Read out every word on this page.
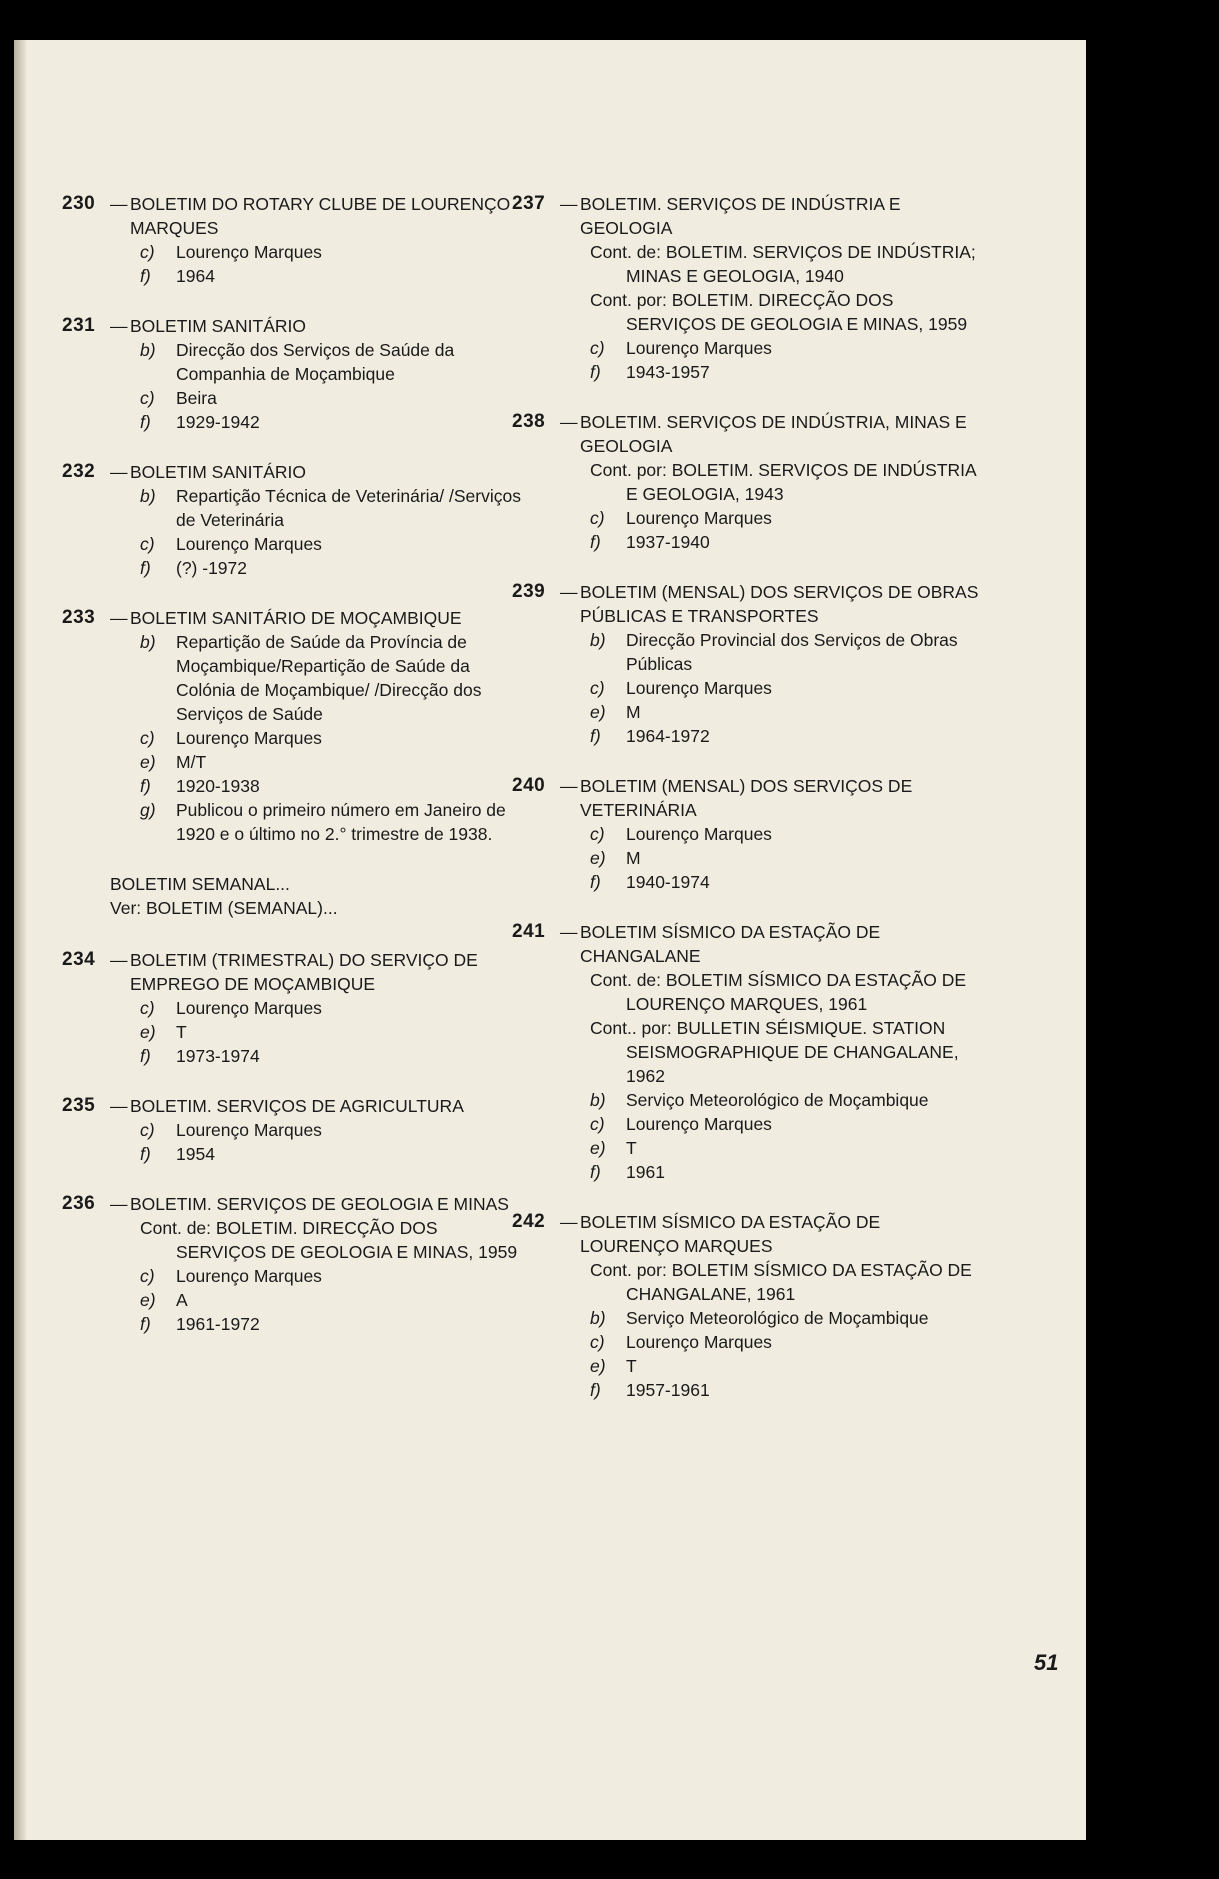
230 — BOLETIM DO ROTARY CLUBE DE LOURENÇO MARQUES
c)	Lourenço Marques
f)	1964
231 — BOLETIM SANITÁRIO
b)	Direcção dos Serviços de Saúde da Companhia de Moçambique
c)	Beira
f)	1929-1942
232 — BOLETIM SANITÁRIO
b)	Repartição Técnica de Veterinária/ /Serviços de Veterinária
c)	Lourenço Marques
f)	(?) -1972
233 — BOLETIM SANITÁRIO DE MOÇAMBIQUE
b)	Repartição de Saúde da Província de Moçambique/Repartição de Saúde da Colónia de Moçambique/ /Direcção dos Serviços de Saúde
c)	Lourenço Marques
e)	M/T
f)	1920-1938
g)	Publicou o primeiro número em Janeiro de 1920 e o último no 2.° trimestre de 1938.
BOLETIM SEMANAL...
Ver: BOLETIM (SEMANAL)...
234 — BOLETIM (TRIMESTRAL) DO SERVIÇO DE EMPREGO DE MOÇAMBIQUE
c)	Lourenço Marques
e)	T
f)	1973-1974
235 — BOLETIM. SERVIÇOS DE AGRICULTURA
c)	Lourenço Marques
f)	1954
236 — BOLETIM. SERVIÇOS DE GEOLOGIA E MINAS
Cont. de: BOLETIM. DIRECÇÃO DOS SERVIÇOS DE GEOLOGIA E MINAS, 1959
c)	Lourenço Marques
e)	A
f)	1961-1972
237 — BOLETIM. SERVIÇOS DE INDÚSTRIA E GEOLOGIA
Cont. de: BOLETIM. SERVIÇOS DE INDÚSTRIA; MINAS E GEOLOGIA, 1940
Cont. por: BOLETIM. DIRECÇÃO DOS SERVIÇOS DE GEOLOGIA E MINAS, 1959
c)	Lourenço Marques
f)	1943-1957
238 — BOLETIM. SERVIÇOS DE INDÚSTRIA, MINAS E GEOLOGIA
Cont. por: BOLETIM. SERVIÇOS DE INDÚSTRIA E GEOLOGIA, 1943
c)	Lourenço Marques
f)	1937-1940
239 — BOLETIM (MENSAL) DOS SERVIÇOS DE OBRAS PÚBLICAS E TRANSPORTES
b)	Direcção Provincial dos Serviços de Obras Públicas
c)	Lourenço Marques
e)	M
f)	1964-1972
240 — BOLETIM (MENSAL) DOS SERVIÇOS DE VETERINÁRIA
c)	Lourenço Marques
e)	M
f)	1940-1974
241 — BOLETIM SÍSMICO DA ESTAÇÃO DE CHANGALANE
Cont. de: BOLETIM SÍSMICO DA ESTAÇÃO DE LOURENÇO MARQUES, 1961
Cont.. por: BULLETIN SÉISMIQUE. STATION SEISMOGRAPHIQUE DE CHANGALANE, 1962
b)	Serviço Meteorológico de Moçambique
c)	Lourenço Marques
e)	T
f)	1961
242 — BOLETIM SÍSMICO DA ESTAÇÃO DE LOURENÇO MARQUES
Cont. por: BOLETIM SÍSMICO DA ESTAÇÃO DE CHANGALANE, 1961
b)	Serviço Meteorológico de Moçambique
c)	Lourenço Marques
e)	T
f)	1957-1961
51
